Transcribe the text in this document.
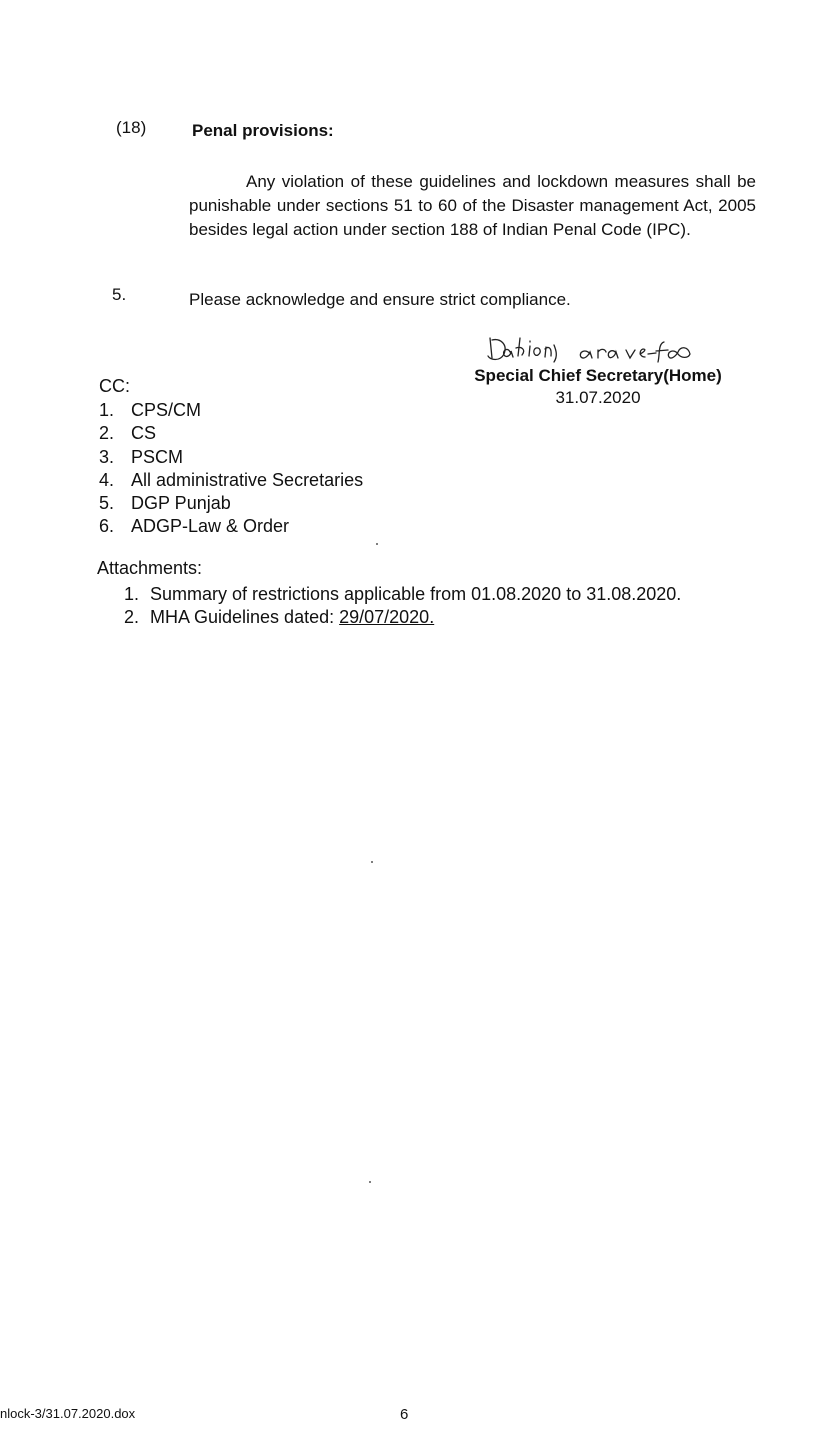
(18)	Penal provisions:
Any violation of these guidelines and lockdown measures shall be punishable under sections 51 to 60 of the Disaster management Act, 2005 besides legal action under section 188 of Indian Penal Code (IPC).
5.	Please acknowledge and ensure strict compliance.
Special Chief Secretary(Home)
31.07.2020
CC:
1. CPS/CM
2. CS
3. PSCM
4. All administrative Secretaries
5. DGP Punjab
6. ADGP-Law & Order
Attachments:
1. Summary of restrictions applicable from 01.08.2020 to 31.08.2020.
2. MHA Guidelines dated: 29/07/2020.
nlock-3/31.07.2020.dox	6
